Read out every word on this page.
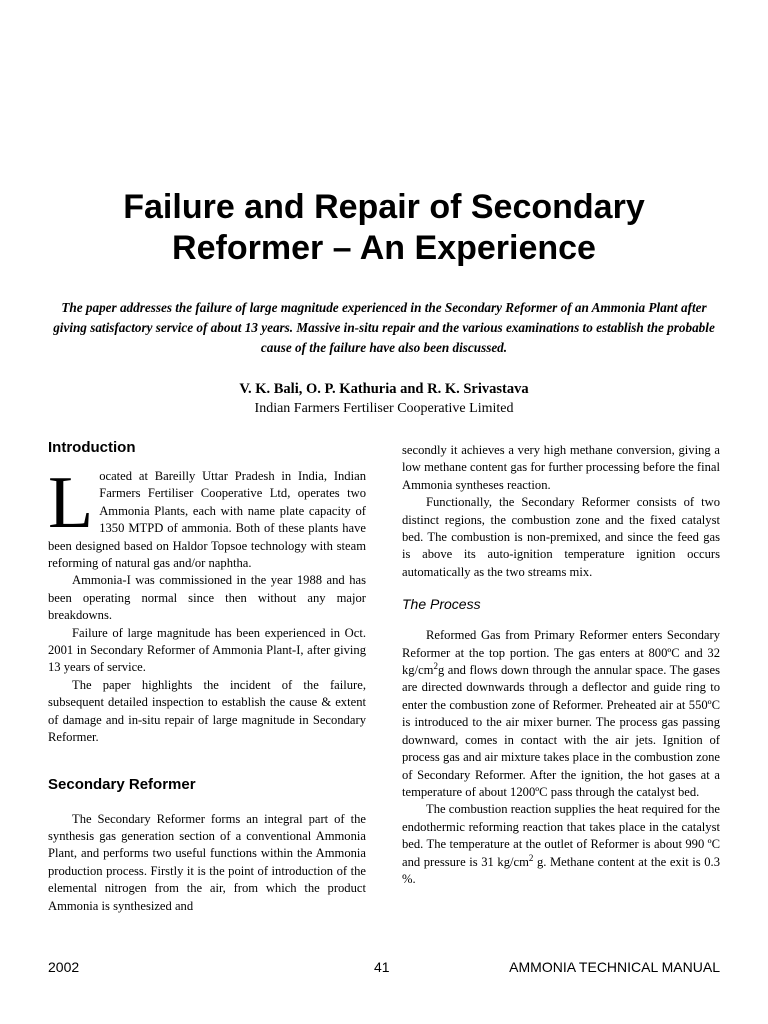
Failure and Repair of Secondary
Reformer – An Experience

The paper addresses the failure of large magnitude experienced in the Secondary Reformer of an Ammonia Plant after giving satisfactory service of about 13 years. Massive in-situ repair and the various examinations to establish the probable cause of the failure have also been discussed.

V. K. Bali, O. P. Kathuria and R. K. Srivastava
Indian Farmers Fertiliser Cooperative Limited
Introduction

Located at Bareilly Uttar Pradesh in India, Indian Farmers Fertiliser Cooperative Ltd, operates two Ammonia Plants, each with name plate capacity of 1350 MTPD of ammonia. Both of these plants have been designed based on Haldor Topsoe technology with steam reforming of natural gas and/or naphtha.

Ammonia-I was commissioned in the year 1988 and has been operating normal since then without any major breakdowns.

Failure of large magnitude has been experienced in Oct. 2001 in Secondary Reformer of Ammonia Plant-I, after giving 13 years of service.

The paper highlights the incident of the failure, subsequent detailed inspection to establish the cause & extent of damage and in-situ repair of large magnitude in Secondary Reformer.

Secondary Reformer

The Secondary Reformer forms an integral part of the synthesis gas generation section of a conventional Ammonia Plant, and performs two useful functions within the Ammonia production process. Firstly it is the point of introduction of the elemental nitrogen from the air, from which the product Ammonia is synthesized and

secondly it achieves a very high methane conversion, giving a low methane content gas for further processing before the final Ammonia syntheses reaction.

Functionally, the Secondary Reformer consists of two distinct regions, the combustion zone and the fixed catalyst bed. The combustion is non-premixed, and since the feed gas is above its auto-ignition temperature ignition occurs automatically as the two streams mix.

The Process

Reformed Gas from Primary Reformer enters Secondary Reformer at the top portion. The gas enters at 800ºC and 32 $kg/cm^2g$ and flows down through the annular space. The gases are directed downwards through a deflector and guide ring to enter the combustion zone of Reformer. Preheated air at 550ºC is introduced to the air mixer burner. The process gas passing downward, comes in contact with the air jets. Ignition of process gas and air mixture takes place in the combustion zone of Secondary Reformer. After the ignition, the hot gases at a temperature of about 1200ºC pass through the catalyst bed.

The combustion reaction supplies the heat required for the endothermic reforming reaction that takes place in the catalyst bed. The temperature at the outlet of Reformer is about 990 ºC and pressure is 31 $kg/cm^2$ g. Methane content at the exit is 0.3 %.

2002	41	AMMONIA TECHNICAL MANUAL
